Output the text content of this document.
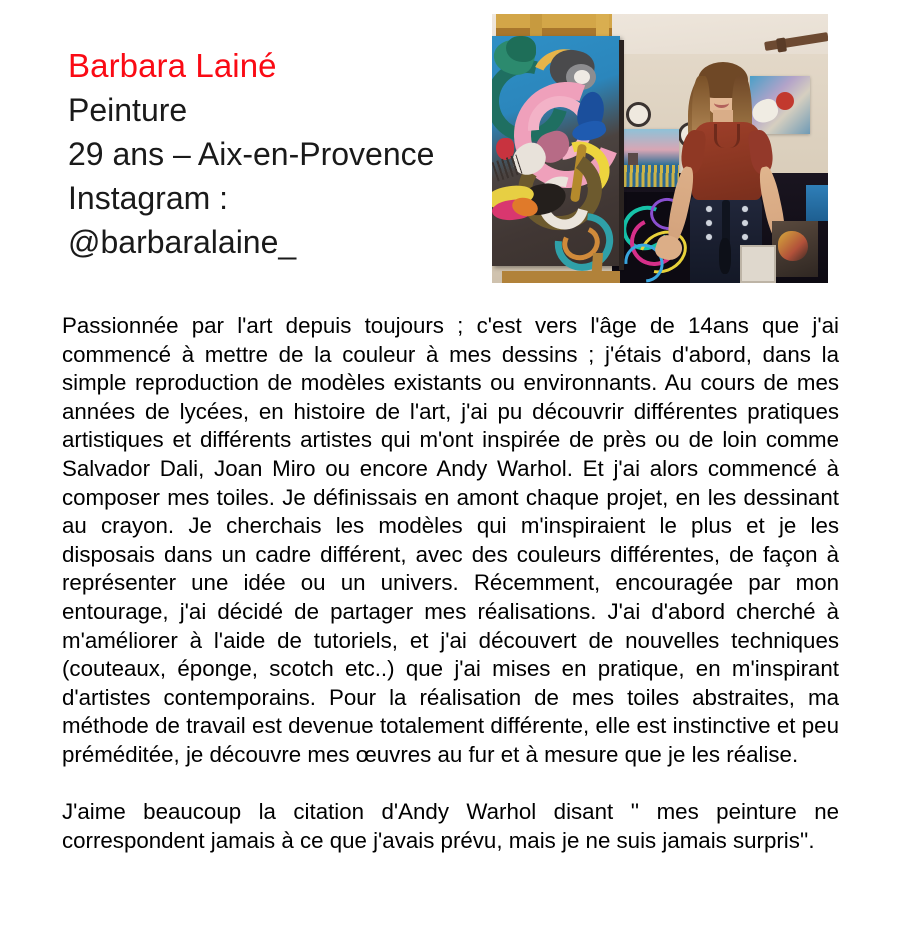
Barbara Lainé
Peinture
29 ans – Aix-en-Provence
Instagram :
@barbaralaine_

Passionnée par l'art depuis toujours ; c'est vers l'âge de 14ans que j'ai commencé à mettre de la couleur à mes dessins ; j'étais d'abord, dans la simple reproduction de modèles existants ou environnants. Au cours de mes années de lycées, en histoire de l'art, j'ai pu découvrir différentes pratiques artistiques et différents artistes qui m'ont inspirée de près ou de loin comme Salvador Dali, Joan Miro ou encore Andy Warhol. Et j'ai alors commencé à composer mes toiles. Je définissais en amont chaque projet, en les dessinant au crayon. Je cherchais les modèles qui m'inspiraient le plus et je les disposais dans un cadre différent, avec des couleurs différentes, de façon à représenter une idée ou un univers. Récemment, encouragée par mon entourage, j'ai décidé de partager mes réalisations. J'ai d'abord cherché à m'améliorer à l'aide de tutoriels, et j'ai découvert de nouvelles techniques (couteaux, éponge, scotch etc..) que j'ai mises en pratique, en m'inspirant d'artistes contemporains. Pour la réalisation de mes toiles abstraites, ma méthode de travail est devenue totalement différente, elle est instinctive et peu préméditée, je découvre mes œuvres au fur et à mesure que je les réalise.

J'aime beaucoup la citation d'Andy Warhol disant '' mes peinture ne correspondent jamais à ce que j'avais prévu, mais je ne suis jamais surpris''.
